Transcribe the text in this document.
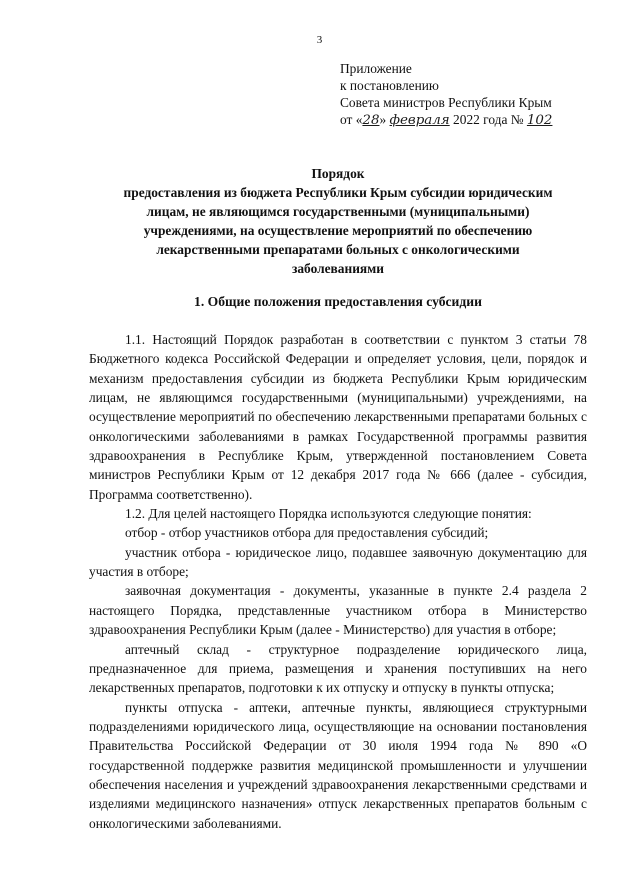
3
Приложение
к постановлению
Совета министров Республики Крым
от «28» февраля 2022 года № 102
Порядок
предоставления из бюджета Республики Крым субсидии юридическим
лицам, не являющимся государственными (муниципальными)
учреждениями, на осуществление мероприятий по обеспечению
лекарственными препаратами больных с онкологическими
заболеваниями
1. Общие положения предоставления субсидии

1.1. Настоящий Порядок разработан в соответствии с пунктом 3 статьи 78 Бюджетного кодекса Российской Федерации и определяет условия, цели, порядок и механизм предоставления субсидии из бюджета Республики Крым юридическим лицам, не являющимся государственными (муниципальными) учреждениями, на осуществление мероприятий по обеспечению лекарственными препаратами больных с онкологическими заболеваниями в рамках Государственной программы развития здравоохранения в Республике Крым, утвержденной постановлением Совета министров Республики Крым от 12 декабря 2017 года № 666 (далее - субсидия, Программа соответственно).

1.2. Для целей настоящего Порядка используются следующие понятия:

отбор - отбор участников отбора для предоставления субсидий;

участник отбора - юридическое лицо, подавшее заявочную документацию для участия в отборе;

заявочная документация - документы, указанные в пункте 2.4 раздела 2 настоящего Порядка, представленные участником отбора в Министерство здравоохранения Республики Крым (далее - Министерство) для участия в отборе;

аптечный склад - структурное подразделение юридического лица, предназначенное для приема, размещения и хранения поступивших на него лекарственных препаратов, подготовки к их отпуску и отпуску в пункты отпуска;

пункты отпуска - аптеки, аптечные пункты, являющиеся структурными подразделениями юридического лица, осуществляющие на основании постановления Правительства Российской Федерации от 30 июля 1994 года № 890 «О государственной поддержке развития медицинской промышленности и улучшении обеспечения населения и учреждений здравоохранения лекарственными средствами и изделиями медицинского назначения» отпуск лекарственных препаратов больным с онкологическими заболеваниями.
